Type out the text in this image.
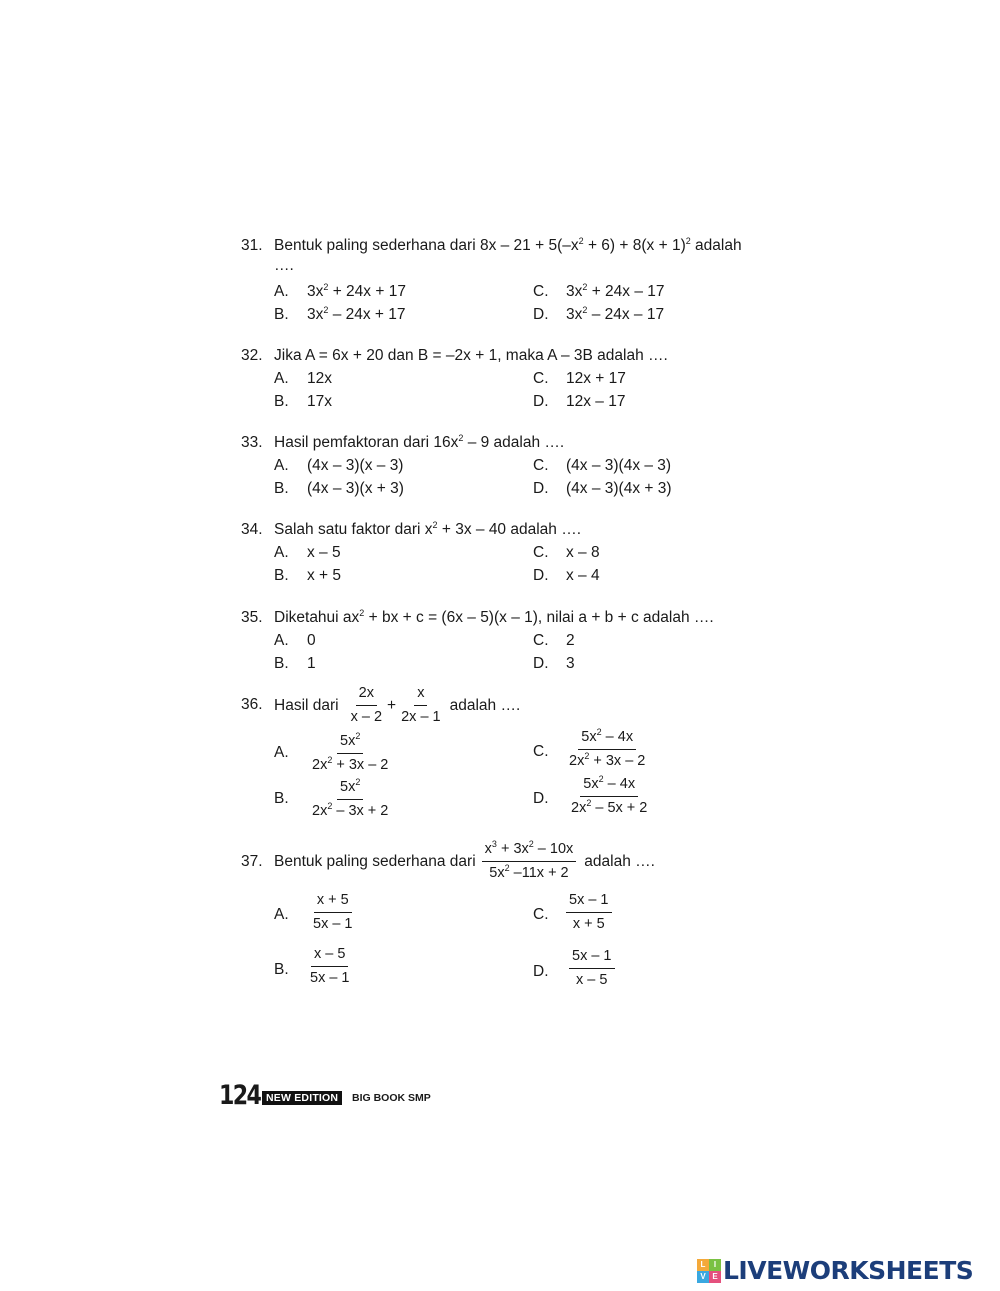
31. Bentuk paling sederhana dari $8x - 21 + 5(-x^2 + 6) + 8(x + 1)^2$ adalah
….
A. $3x^2 + 24x + 17$
B. $3x^2 - 24x + 17$
C. $3x^2 + 24x - 17$
D. $3x^2 - 24x - 17$
32. Jika A = 6x + 20 dan B = –2x + 1, maka A – 3B adalah ….
A. 12x
B. 17x
C. 12x + 17
D. 12x – 17
33. Hasil pemfaktoran dari $16x^2 - 9$ adalah ….
A. (4x – 3)(x – 3)
B. (4x – 3)(x + 3)
C. (4x – 3)(4x – 3)
D. (4x – 3)(4x + 3)
34. Salah satu faktor dari $x^2 + 3x - 40$ adalah ….
A. x – 5
B. x + 5
C. x – 8
D. x – 4
35. Diketahui $ax^2$ + bx + c = (6x – 5)(x – 1), nilai a + b + c adalah ….
A. 0
B. 1
C. 2
D. 3
36. Hasil dari $\frac{2x}{x - 2} + \frac{x}{2x - 1}$ adalah ….
A. $\frac{5x^2}{2x^2 + 3x - 2}$
B. $\frac{5x^2}{2x^2 - 3x + 2}$
C. $\frac{5x^2 - 4x}{2x^2 + 3x - 2}$
D. $\frac{5x^2 - 4x}{2x^2 - 5x + 2}$
37. Bentuk paling sederhana dari $\frac{x^3 + 3x^2 - 10x}{5x^2 -11x + 2}$ adalah ….
A. $\frac{x + 5}{5x - 1}$
B. $\frac{x - 5}{5x - 1}$
C. $\frac{5x - 1}{x + 5}$
D. $\frac{5x - 1}{x - 5}$
124 NEW EDITION	BIG BOOK SMP
L	I
V E LIVEWORKSHEETS
